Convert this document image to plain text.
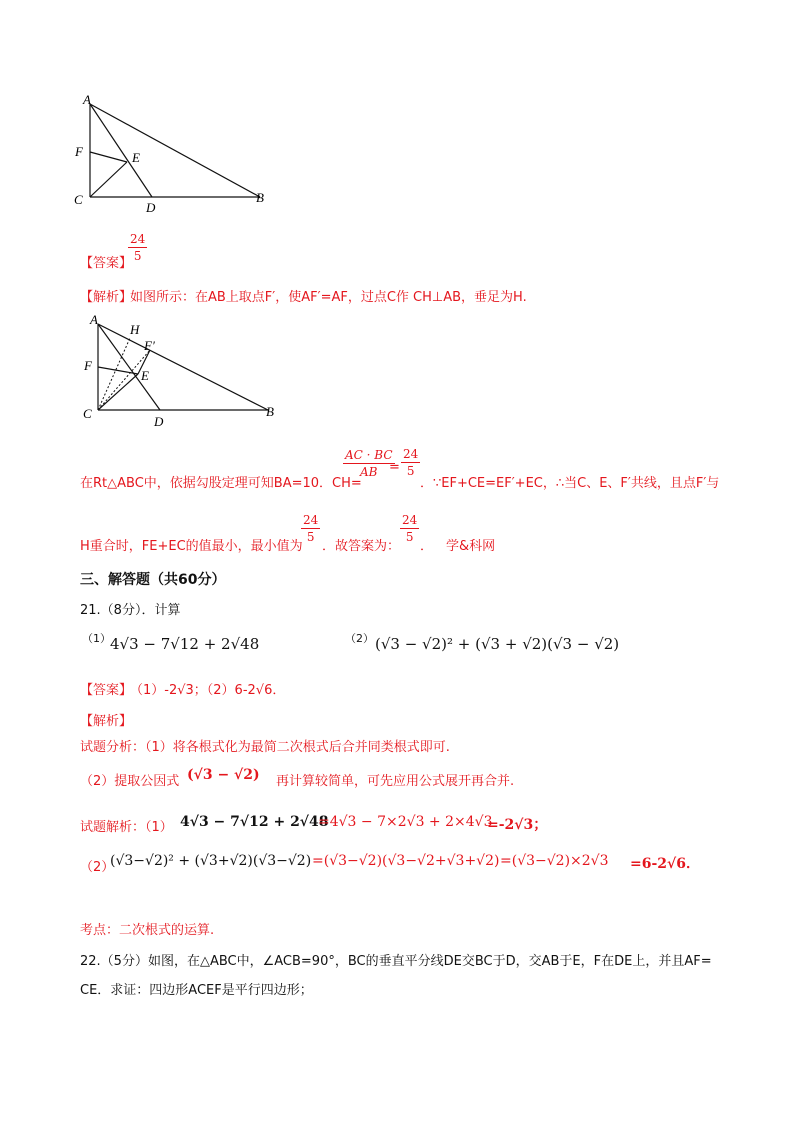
A
F	E
C
D
B
【答案】
24
5
【解析】
如图所示：在AB上取点F′，使AF′=AF，过点C作 CH⊥AB，垂足为H.
A
H
F′
F
E
C
D
B
在Rt△ABC中，依据勾股定理可知BA=10．CH=
AC · BC
AB =
24
5
．∵EF+CE=EF′+EC，∴当C、E、F′共线，且点F′与
H重合时，FE+EC的值最小，最小值为
24
5
．故答案为：
24
5
． 学&科网
三、解答题（共60分）
21.（8分）．计算
（1） 4√3 − 7√12 + 2√48	（2） (√3 − √2)² + (√3 + √2)(√3 − √2)
【答案】
（1）-2√3；（2）6-2√6．
【解析】
试题分析：（1）将各根式化为最简二次根式后合并同类根式即可.
（2）提取公因式 (√3 − √2) 再计算较简单，可先应用公式展开再合并.
试题解析：（1） 4√3 − 7√12 + 2√48
=4√3 − 7×2√3 + 2×4√3
=-2√3；
（2）
(√3−√2)² + (√3+√2)(√3−√2) =(√3−√2)(√3−√2+√3+√2) =(√3−√2)×2√3 =6-2√6．
考点：二次根式的运算.
22.（5分）如图，在△ABC中，∠ACB=90°，BC的垂直平分线DE交BC于D，交AB于E，F在DE上，并且AF=
CE．求证：四边形ACEF是平行四边形；
